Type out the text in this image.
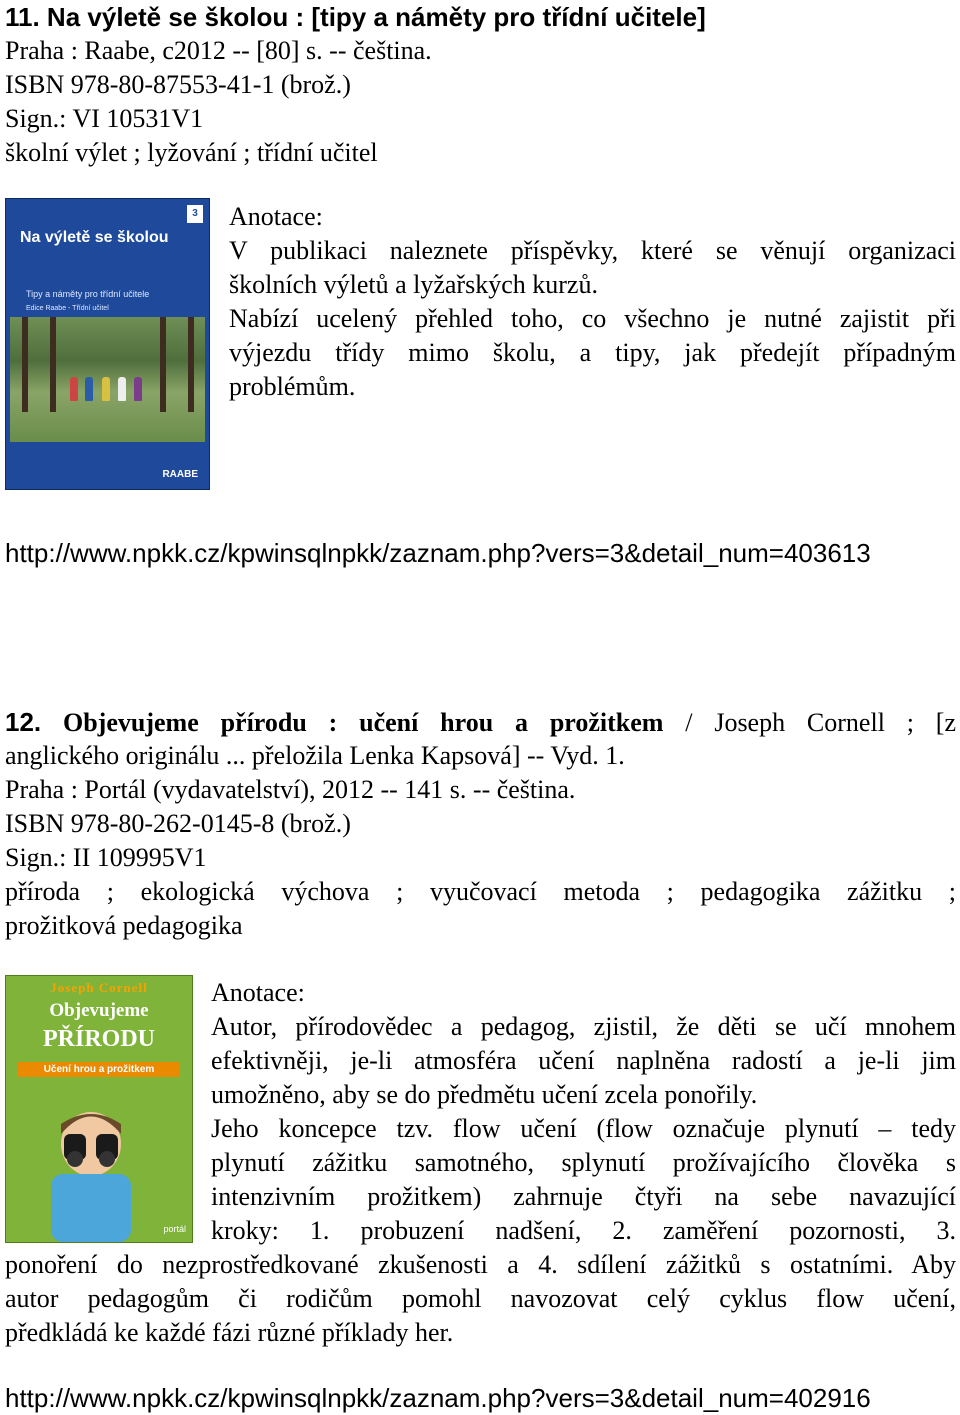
11. Na výletě se školou : [tipy a náměty pro třídní učitele]
Praha : Raabe, c2012 -- [80] s. -- čeština.
ISBN 978-80-87553-41-1 (brož.)
Sign.: VI 10531V1
školní výlet ; lyžování ; třídní učitel
3
Na výletě se školou
Tipy a náměty pro třídní učitele
Edice Raabe - Třídní učitel
RAABE
Anotace:
V publikaci naleznete příspěvky, které se věnují organizaci
školních výletů a lyžařských kurzů.
Nabízí ucelený přehled toho, co všechno je nutné zajistit při
výjezdu třídy mimo školu, a tipy, jak předejít případným
problémům.
http://www.npkk.cz/kpwinsqlnpkk/zaznam.php?vers=3&detail_num=403613
12. Objevujeme přírodu : učení hrou a prožitkem / Joseph Cornell ; [z
anglického originálu ... přeložila Lenka Kapsová] -- Vyd. 1.
Praha : Portál (vydavatelství), 2012 -- 141 s. -- čeština.
ISBN 978-80-262-0145-8 (brož.)
Sign.: II 109995V1
příroda ; ekologická výchova ; vyučovací metoda ; pedagogika zážitku ;
prožitková pedagogika
Joseph Cornell
Objevujeme
PŘÍRODU
Učení hrou a prožitkem
portál
Anotace:
Autor, přírodovědec a pedagog, zjistil, že děti se učí mnohem
efektivněji, je-li atmosféra učení naplněna radostí a je-li jim
umožněno, aby se do předmětu učení zcela ponořily.
Jeho koncepce tzv. flow učení (flow označuje plynutí – tedy
plynutí zážitku samotného, splynutí prožívajícího člověka s
intenzivním prožitkem) zahrnuje čtyři na sebe navazující
kroky: 1. probuzení nadšení, 2. zaměření pozornosti, 3.
ponoření do nezprostředkované zkušenosti a 4. sdílení zážitků s ostatními. Aby
autor pedagogům či rodičům pomohl navozovat celý cyklus flow učení,
předkládá ke každé fázi různé příklady her.
http://www.npkk.cz/kpwinsqlnpkk/zaznam.php?vers=3&detail_num=402916
